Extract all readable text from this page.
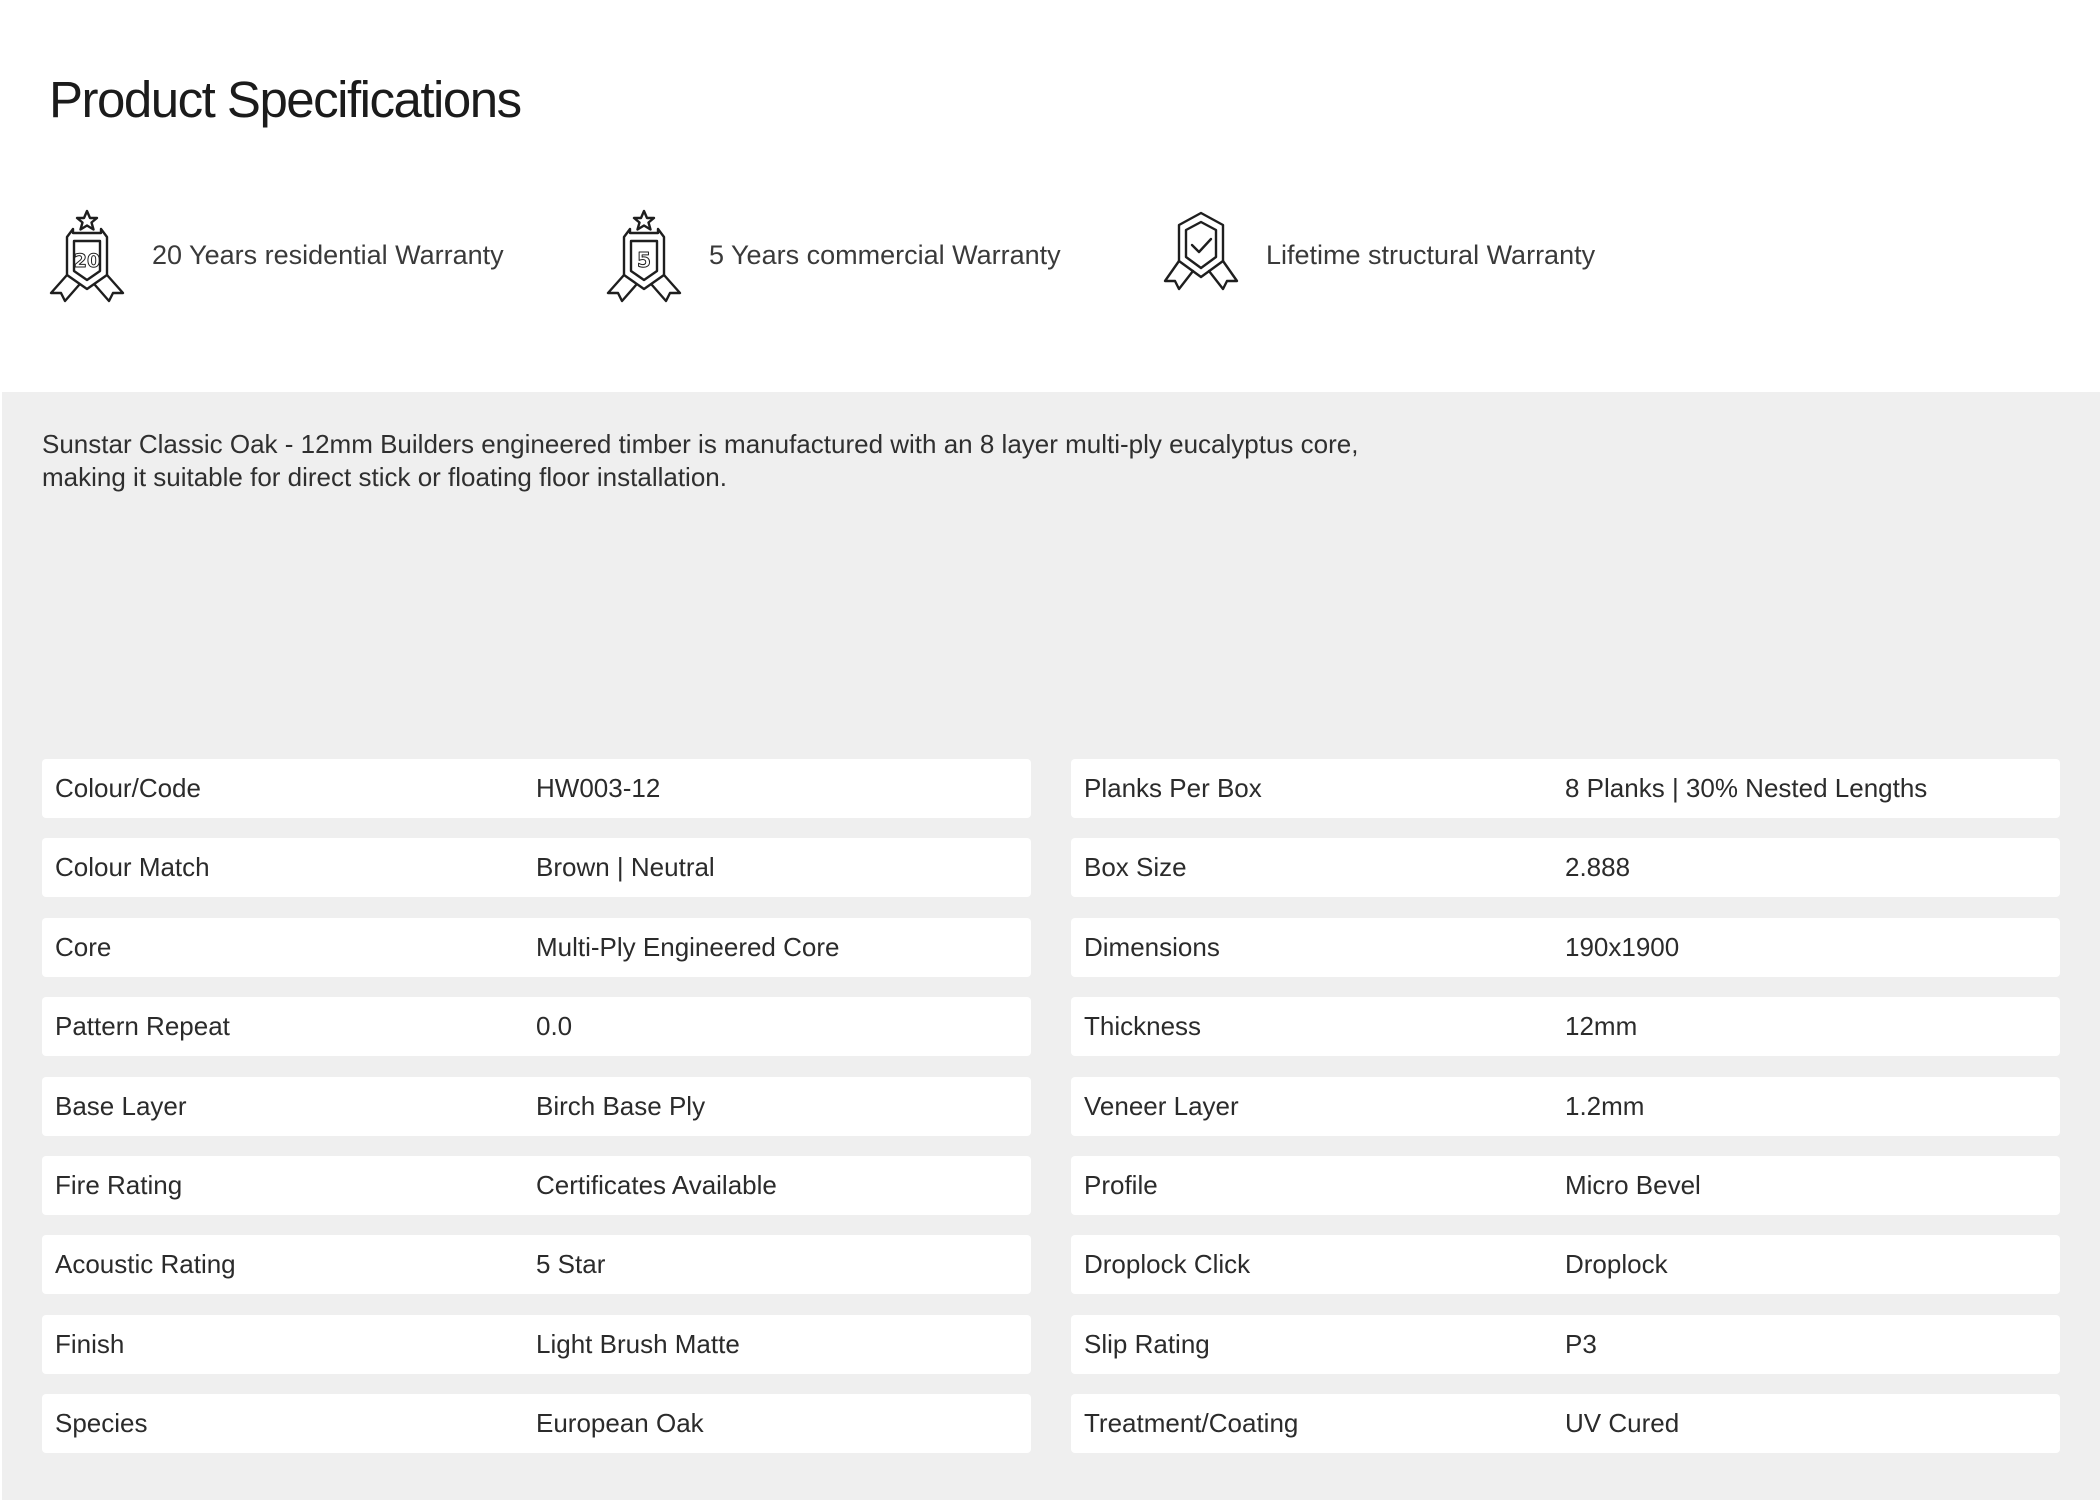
Product Specifications
20 20 Years residential Warranty	5 5 Years commercial Warranty	Lifetime structural Warranty

Sunstar Classic Oak - 12mm Builders engineered timber is manufactured with an 8 layer multi-ply eucalyptus core, making it suitable for direct stick or floating floor installation.

Colour/Code	HW003-12
Colour Match	Brown | Neutral
Core	Multi-Ply Engineered Core
Pattern Repeat	0.0
Base Layer	Birch Base Ply
Fire Rating	Certificates Available
Acoustic Rating	5 Star
Finish	Light Brush Matte
Species	European Oak
Planks Per Box	8 Planks | 30% Nested Lengths
Box Size	2.888
Dimensions	190x1900
Thickness	12mm
Veneer Layer	1.2mm
Profile	Micro Bevel
Droplock Click	Droplock
Slip Rating	P3
Treatment/Coating	UV Cured
